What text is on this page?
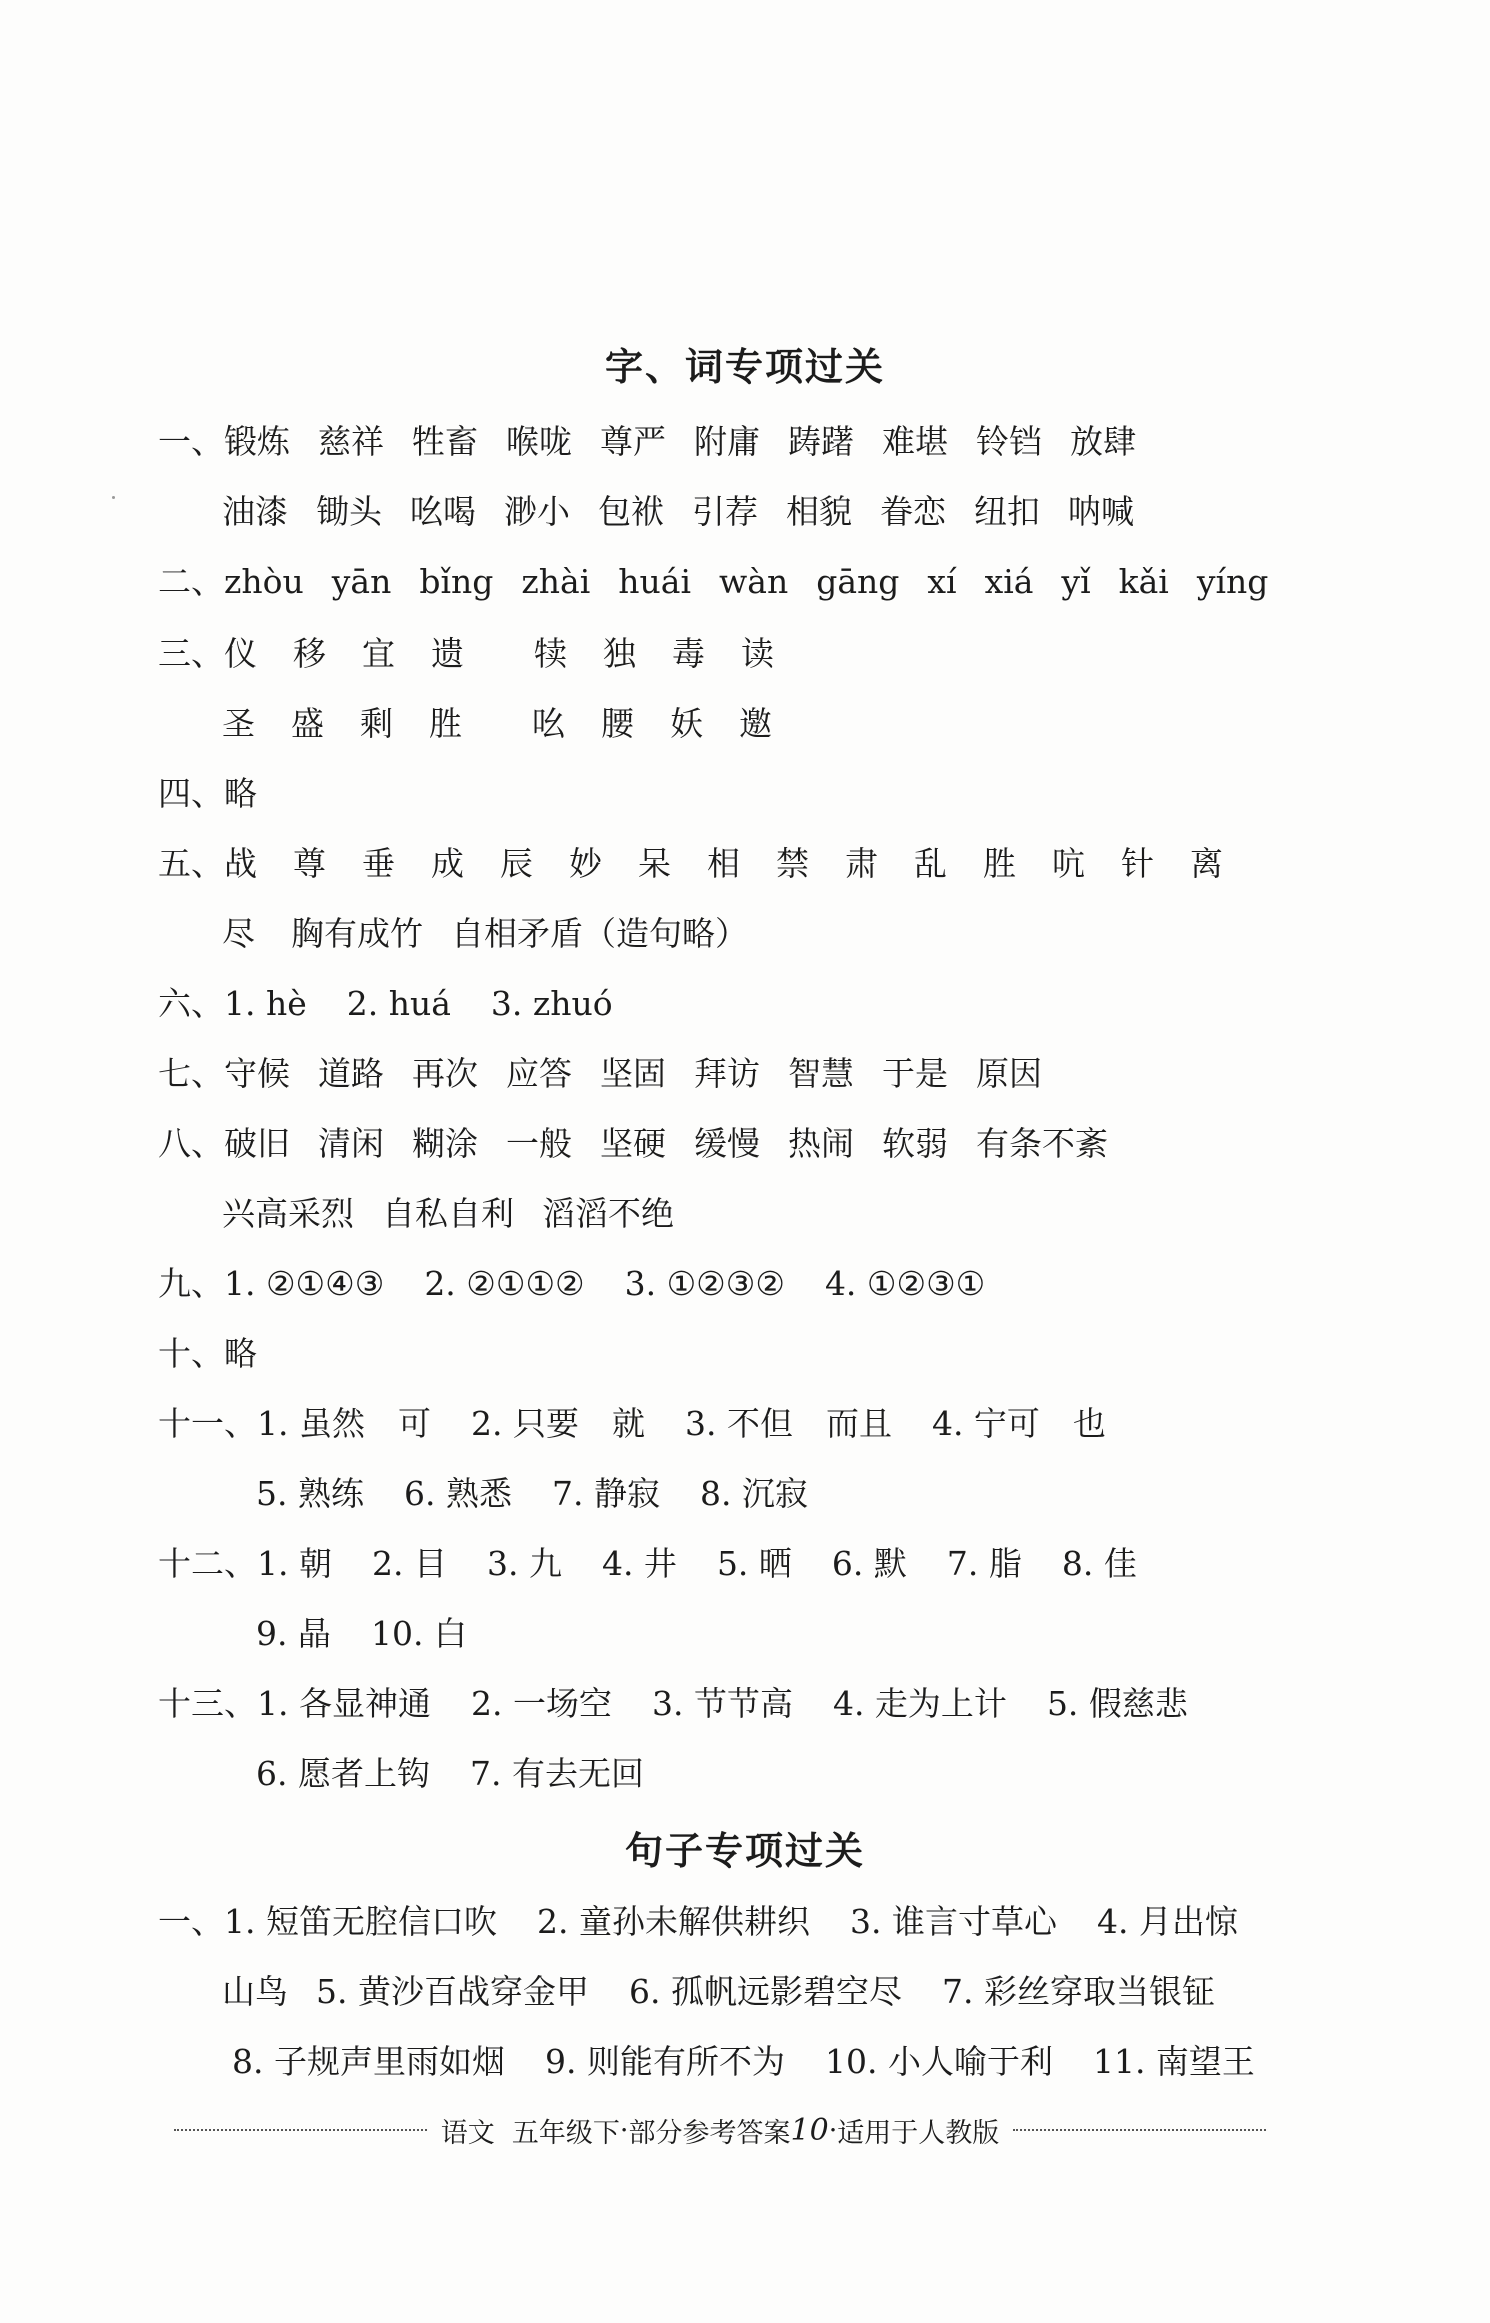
字、词专项过关
一、锻炼 慈祥 牲畜 喉咙 尊严 附庸 踌躇 难堪 铃铛 放肆
油漆 锄头 吆喝 渺小 包袱 引荐 相貌 眷恋 纽扣 呐喊
二、zhòu yān bǐng zhài huái wàn gāng xí xiá yǐ kǎi yíng
三、仪 移 宜 遗 犊 独 毒 读
圣 盛 剩 胜 吆 腰 妖 邀
四、略
五、战 尊 垂 成 辰 妙 呆 相 禁 肃 乱 胜 吭 针 离
尽 胸有成竹 自相矛盾（造句略）
六、1. hè 2. huá 3. zhuó
七、守候 道路 再次 应答 坚固 拜访 智慧 于是 原因
八、破旧 清闲 糊涂 一般 坚硬 缓慢 热闹 软弱 有条不紊
兴高采烈 自私自利 滔滔不绝
九、1. ②①④③ 2. ②①①② 3. ①②③② 4. ①②③①
十、略
十一、1. 虽然　可 2. 只要　就 3. 不但　而且 4. 宁可　也
5. 熟练 6. 熟悉 7. 静寂 8. 沉寂
十二、1. 朝 2. 目 3. 九 4. 井 5. 晒 6. 默 7. 脂 8. 佳
9. 晶 10. 白
十三、1. 各显神通 2. 一场空 3. 节节高 4. 走为上计 5. 假慈悲
6. 愿者上钩 7. 有去无回
句子专项过关
一、1. 短笛无腔信口吹 2. 童孙未解供耕织 3. 谁言寸草心 4. 月出惊
山鸟 5. 黄沙百战穿金甲 6. 孤帆远影碧空尽 7. 彩丝穿取当银钲
8. 子规声里雨如烟 9. 则能有所不为 10. 小人喻于利 11. 南望王
语文
五年级下 · 部分参考答案 10 · 适用于人教版
